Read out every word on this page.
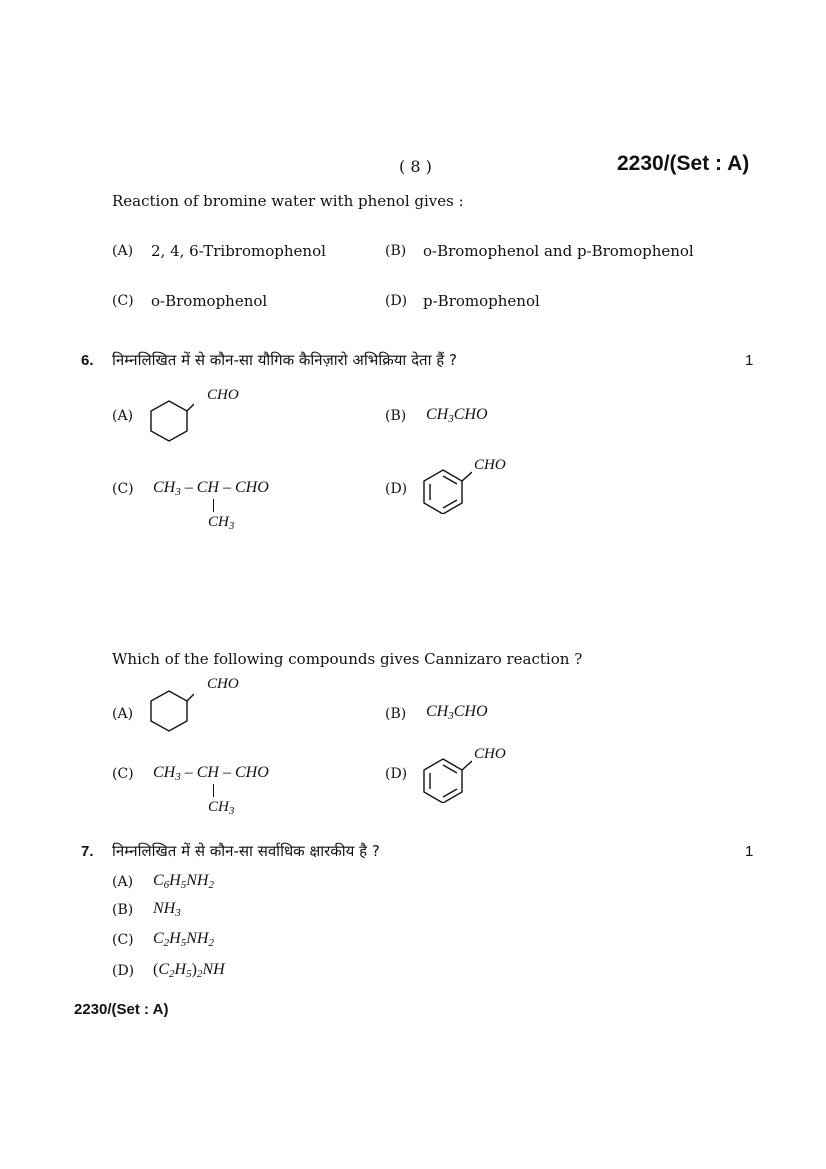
( 8 )	2230/(Set : A)
Reaction of bromine water with phenol gives :
(A) 2, 4, 6-Tribromophenol	(B) o-Bromophenol and p-Bromophenol
(C) o-Bromophenol	(D) p-Bromophenol
6. निम्नलिखित में से कौन-सा यौगिक कैनिज़ारो अभिक्रिया देता हैं ?	1
(A)
CHO
(B) $CH_3CHO$
(C) $CH_3$ – CH – CHO
$CH_3$
(D)
CHO
Which of the following compounds gives Cannizaro reaction ?
(A)
CHO
(B) $CH_3CHO$
(C) $CH_3$ – CH – CHO
$CH_3$
(D)
CHO
7. निम्नलिखित में से कौन-सा सर्वाधिक क्षारकीय है ?	1
(A) $C_6H_5NH_2$
(B) $NH_3$
(C) $C_2H_5NH_2$
(D) $(C_2H_5)_2NH$
2230/(Set : A)
